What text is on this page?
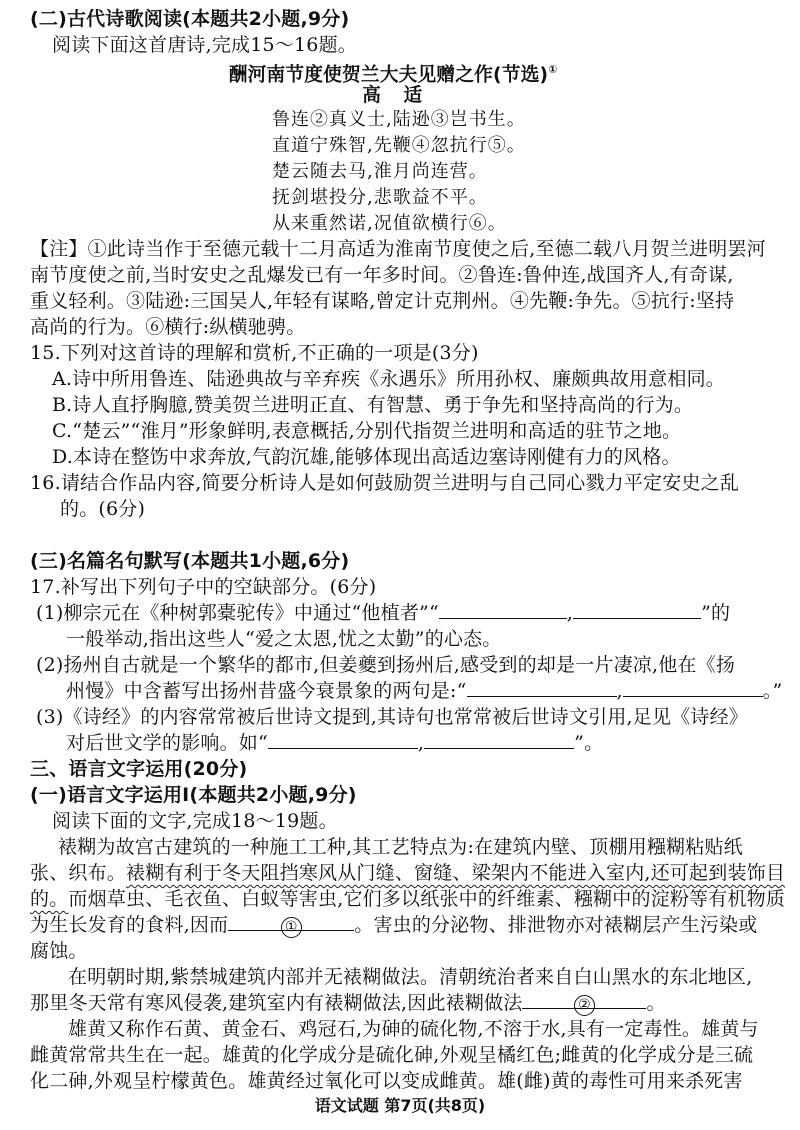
(二)古代诗歌阅读(本题共2小题,9分)
阅读下面这首唐诗,完成15～16题。
酬河南节度使贺兰大夫见赠之作(节选)①
高　适
鲁连②真义士,陆逊③岂书生。
直道宁殊智,先鞭④忽抗行⑤。
楚云随去马,淮月尚连营。
抚剑堪投分,悲歌益不平。
从来重然诺,况值欲横行⑥。
【注】①此诗当作于至德元载十二月高适为淮南节度使之后,至德二载八月贺兰进明罢河
南节度使之前,当时安史之乱爆发已有一年多时间。②鲁连:鲁仲连,战国齐人,有奇谋,
重义轻利。③陆逊:三国吴人,年轻有谋略,曾定计克荆州。④先鞭:争先。⑤抗行:坚持
高尚的行为。⑥横行:纵横驰骋。
15.下列对这首诗的理解和赏析,不正确的一项是(3分)
A.诗中所用鲁连、陆逊典故与辛弃疾《永遇乐》所用孙权、廉颇典故用意相同。
B.诗人直抒胸臆,赞美贺兰进明正直、有智慧、勇于争先和坚持高尚的行为。
C.“楚云”“淮月”形象鲜明,表意概括,分别代指贺兰进明和高适的驻节之地。
D.本诗在整饬中求奔放,气韵沉雄,能够体现出高适边塞诗刚健有力的风格。
16.请结合作品内容,简要分析诗人是如何鼓励贺兰进明与自己同心戮力平定安史之乱
的。(6分)
(三)名篇名句默写(本题共1小题,6分)
17.补写出下列句子中的空缺部分。(6分)
(1)柳宗元在《种树郭橐驼传》中通过“他植者”“	,	”的
一般举动,指出这些人“爱之太恩,忧之太勤”的心态。
(2)扬州自古就是一个繁华的都市,但姜夔到扬州后,感受到的却是一片凄凉,他在《扬
州慢》中含蓄写出扬州昔盛今衰景象的两句是:“	,	。”
(3)《诗经》的内容常常被后世诗文提到,其诗句也常常被后世诗文引用,足见《诗经》
对后世文学的影响。如“	,	”。
三、语言文字运用(20分)
(一)语言文字运用Ⅰ(本题共2小题,9分)
阅读下面的文字,完成18～19题。
裱糊为故宫古建筑的一种施工工种,其工艺特点为:在建筑内壁、顶棚用糨糊粘贴纸
张、织布。裱糊有利于冬天阻挡寒风从门缝、窗缝、梁架内不能进入室内,还可起到装饰目
的。而烟草虫、毛衣鱼、白蚁等害虫,它们多以纸张中的纤维素、糨糊中的淀粉等有机物质
为生长发育的食料,因而	①	。害虫的分泌物、排泄物亦对裱糊层产生污染或
腐蚀。
在明朝时期,紫禁城建筑内部并无裱糊做法。清朝统治者来自白山黑水的东北地区,
那里冬天常有寒风侵袭,建筑室内有裱糊做法,因此裱糊做法	②	。
雄黄又称作石黄、黄金石、鸡冠石,为砷的硫化物,不溶于水,具有一定毒性。雄黄与
雌黄常常共生在一起。雄黄的化学成分是硫化砷,外观呈橘红色;雌黄的化学成分是三硫
化二砷,外观呈柠檬黄色。雄黄经过氧化可以变成雌黄。雄(雌)黄的毒性可用来杀死害
语文试题 第7页(共8页)
